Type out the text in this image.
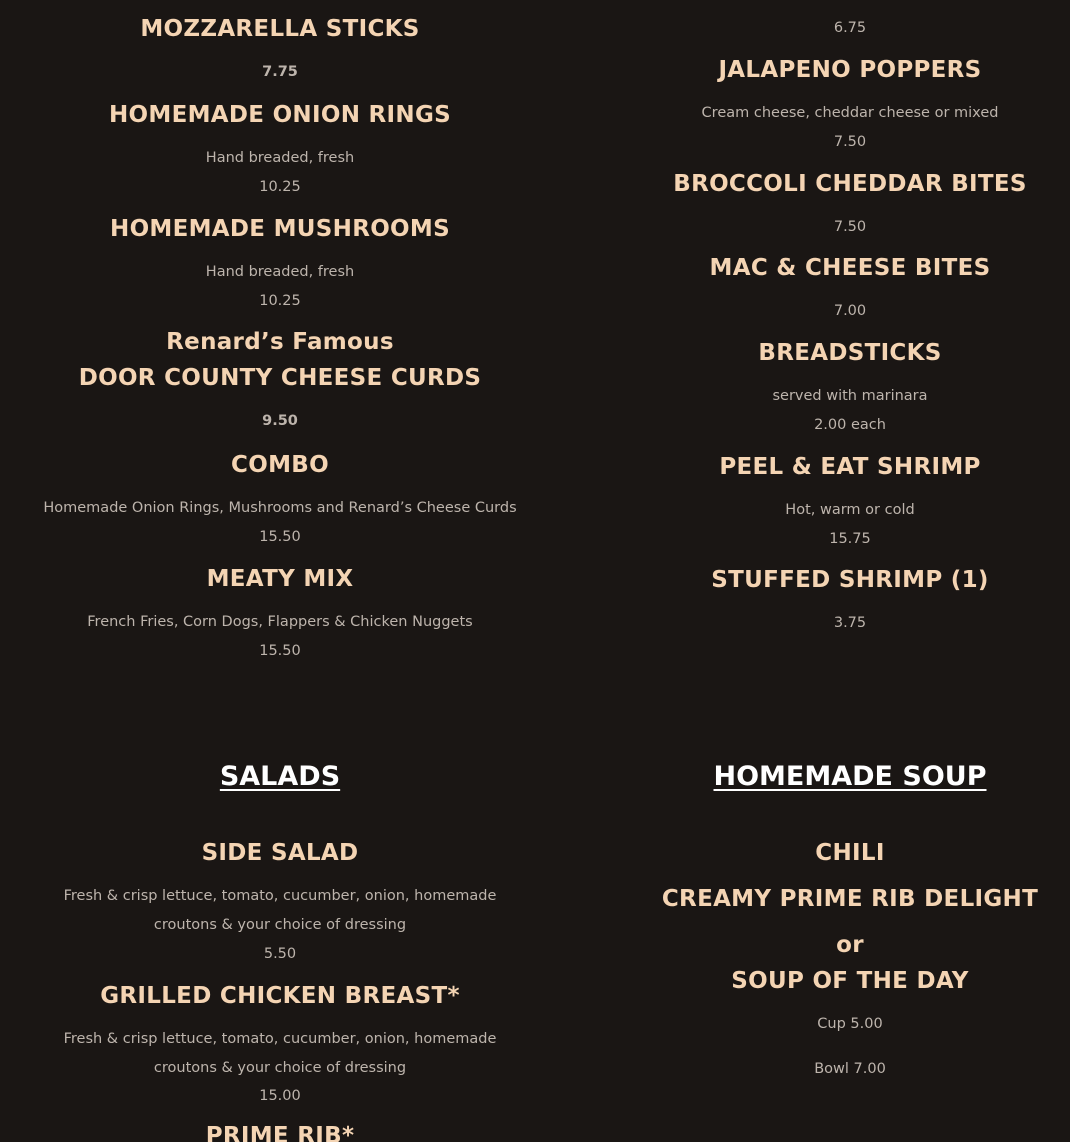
MOZZARELLA STICKS
7.75
HOMEMADE ONION RINGS
Hand breaded, fresh
10.25
HOMEMADE MUSHROOMS
Hand breaded, fresh
10.25
Renard’s Famous
DOOR COUNTY CHEESE CURDS
9.50
COMBO
Homemade Onion Rings, Mushrooms and Renard’s Cheese Curds
15.50
MEATY MIX
French Fries, Corn Dogs, Flappers & Chicken Nuggets
15.50
6.75
JALAPENO POPPERS
Cream cheese, cheddar cheese or mixed
7.50
BROCCOLI CHEDDAR BITES
7.50
MAC & CHEESE BITES
7.00
BREADSTICKS
served with marinara
2.00 each
PEEL & EAT SHRIMP
Hot, warm or cold
15.75
STUFFED SHRIMP (1)
3.75
SALADS
SIDE SALAD
Fresh & crisp lettuce, tomato, cucumber, onion, homemade
croutons & your choice of dressing
5.50
GRILLED CHICKEN BREAST*
Fresh & crisp lettuce, tomato, cucumber, onion, homemade
croutons & your choice of dressing
15.00
PRIME RIB*
HOMEMADE SOUP
CHILI
CREAMY PRIME RIB DELIGHT
or
SOUP OF THE DAY
Cup 5.00
Bowl 7.00
